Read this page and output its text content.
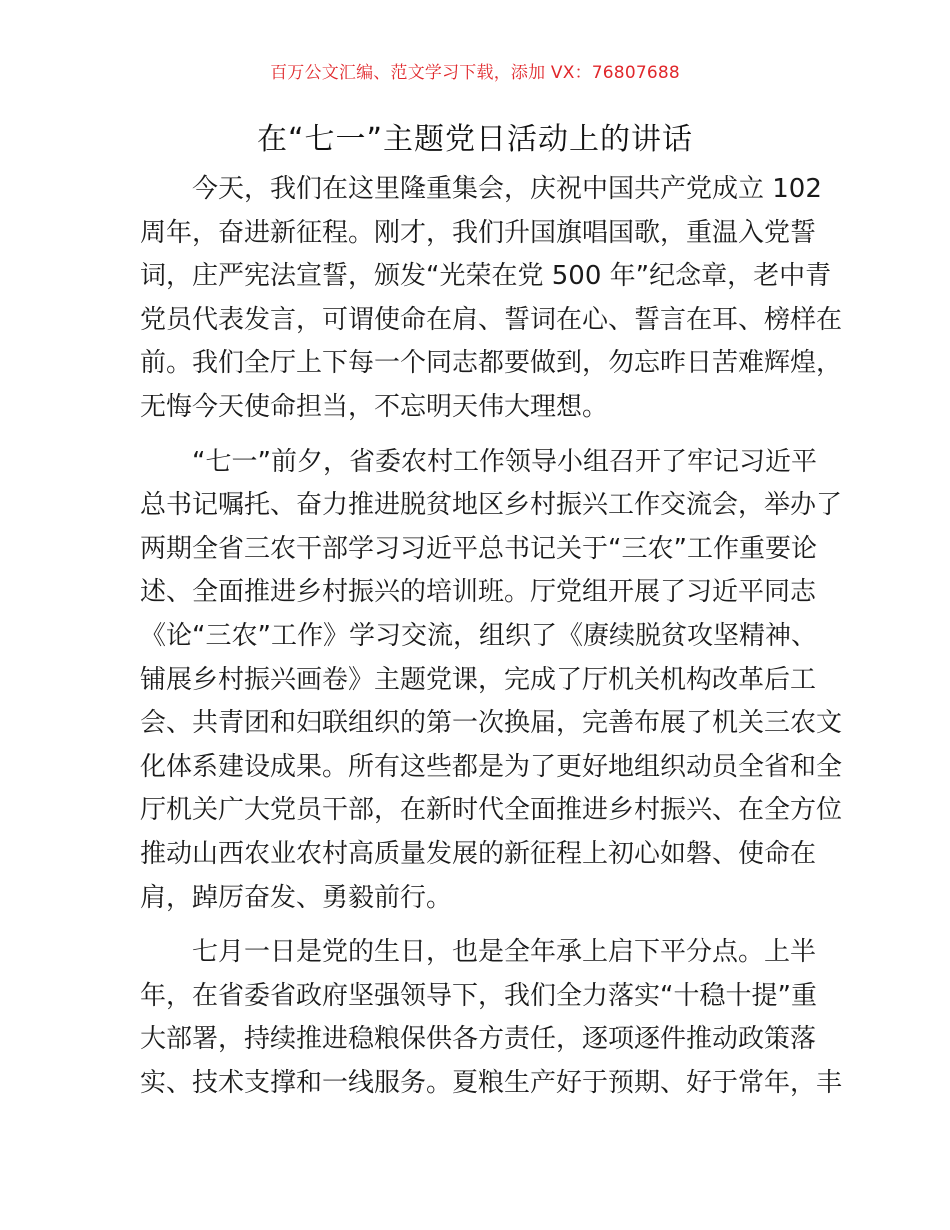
百万公文汇编、范文学习下载，添加 VX：76807688
在“七一”主题党日活动上的讲话
今天，我们在这里隆重集会，庆祝中国共产党成立 102
周年，奋进新征程。刚才，我们升国旗唱国歌，重温入党誓
词，庄严宪法宣誓，颁发“光荣在党 500 年”纪念章，老中青
党员代表发言，可谓使命在肩、誓词在心、誓言在耳、榜样在
前。我们全厅上下每一个同志都要做到，勿忘昨日苦难辉煌，
无悔今天使命担当，不忘明天伟大理想。
“七一”前夕，省委农村工作领导小组召开了牢记习近平
总书记嘱托、奋力推进脱贫地区乡村振兴工作交流会，举办了
两期全省三农干部学习习近平总书记关于“三农”工作重要论
述、全面推进乡村振兴的培训班。厅党组开展了习近平同志
《论“三农”工作》学习交流，组织了《赓续脱贫攻坚精神、
铺展乡村振兴画卷》主题党课，完成了厅机关机构改革后工
会、共青团和妇联组织的第一次换届，完善布展了机关三农文
化体系建设成果。所有这些都是为了更好地组织动员全省和全
厅机关广大党员干部，在新时代全面推进乡村振兴、在全方位
推动山西农业农村高质量发展的新征程上初心如磐、使命在
肩，踔厉奋发、勇毅前行。
七月一日是党的生日，也是全年承上启下平分点。上半
年，在省委省政府坚强领导下，我们全力落实“十稳十提”重
大部署，持续推进稳粮保供各方责任，逐项逐件推动政策落
实、技术支撑和一线服务。夏粮生产好于预期、好于常年，丰
